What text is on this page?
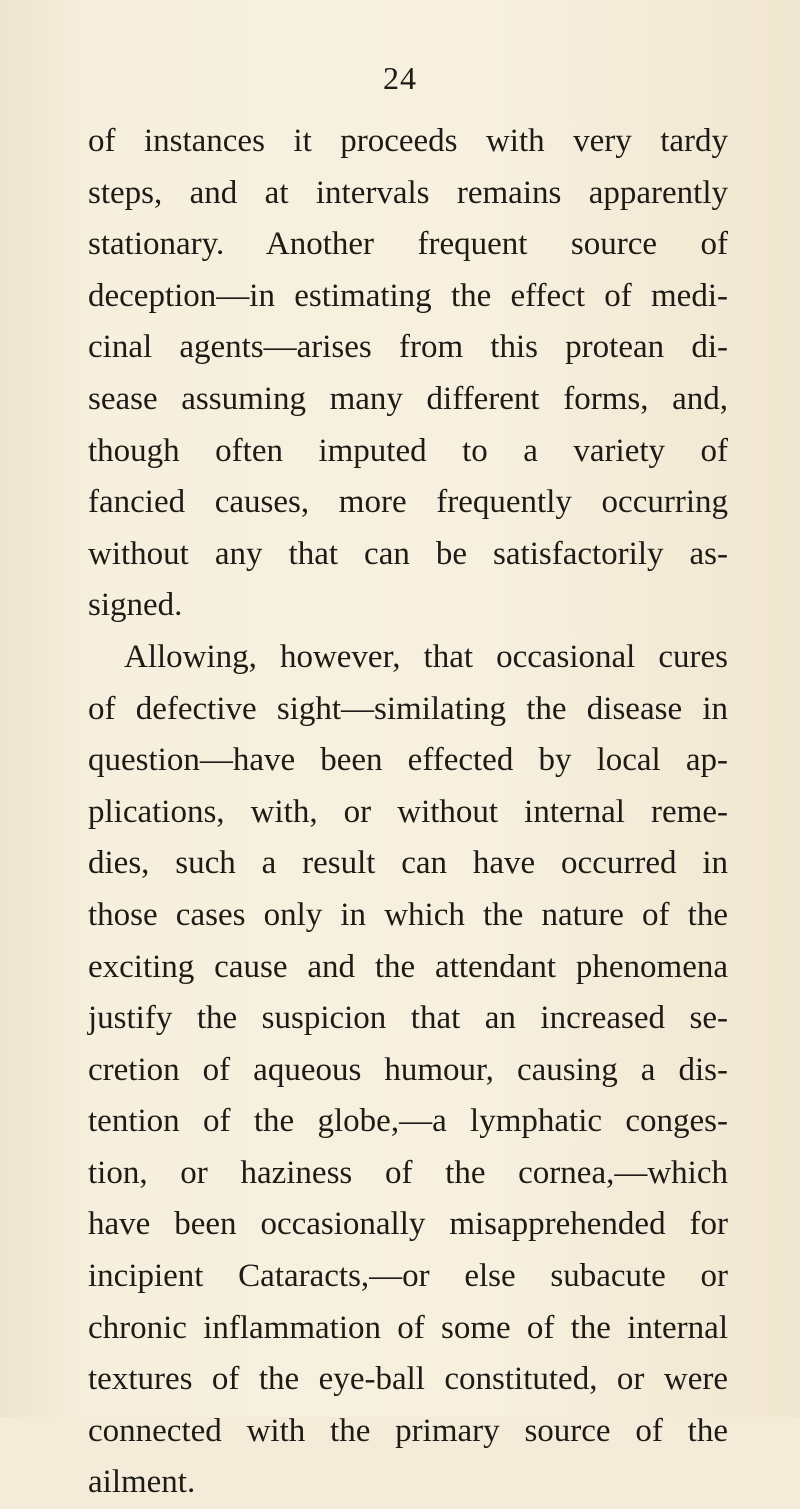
24
of instances it proceeds with very tardy
steps, and at intervals remains apparently
stationary. Another frequent source of
deception—in estimating the effect of medi-
cinal agents—arises from this protean di-
sease assuming many different forms, and,
though often imputed to a variety of
fancied causes, more frequently occurring
without any that can be satisfactorily as-
signed.
Allowing, however, that occasional cures
of defective sight—similating the disease in
question—have been effected by local ap-
plications, with, or without internal reme-
dies, such a result can have occurred in
those cases only in which the nature of the
exciting cause and the attendant phenomena
justify the suspicion that an increased se-
cretion of aqueous humour, causing a dis-
tention of the globe,—a lymphatic conges-
tion, or haziness of the cornea,—which
have been occasionally misapprehended for
incipient Cataracts,—or else subacute or
chronic inflammation of some of the internal
textures of the eye-ball constituted, or were
connected with the primary source of the
ailment.
